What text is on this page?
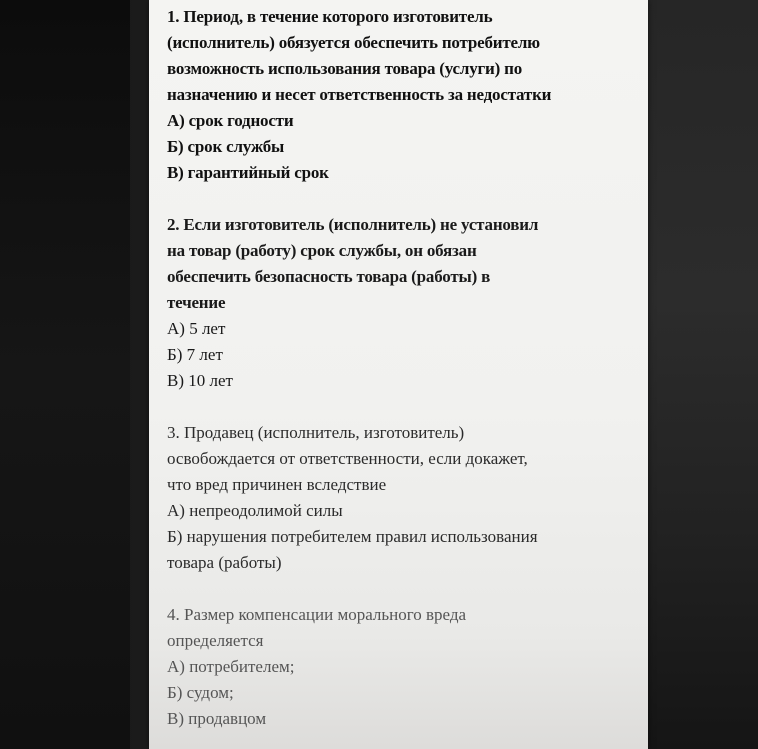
1. Период, в течение которого изготовитель
(исполнитель) обязуется обеспечить потребителю
возможность использования товара (услуги) по
назначению и несет ответственность за недостатки
А) срок годности
Б) срок службы
В) гарантийный срок
2. Если изготовитель (исполнитель) не установил
на товар (работу) срок службы, он обязан
обеспечить безопасность товара (работы) в
течение
А) 5 лет
Б) 7 лет
В) 10 лет
3. Продавец (исполнитель, изготовитель)
освобождается от ответственности, если докажет,
что вред причинен вследствие
А) непреодолимой силы
Б) нарушения потребителем правил использования
товара (работы)
4. Размер компенсации морального вреда
определяется
А) потребителем;
Б) судом;
В) продавцом
